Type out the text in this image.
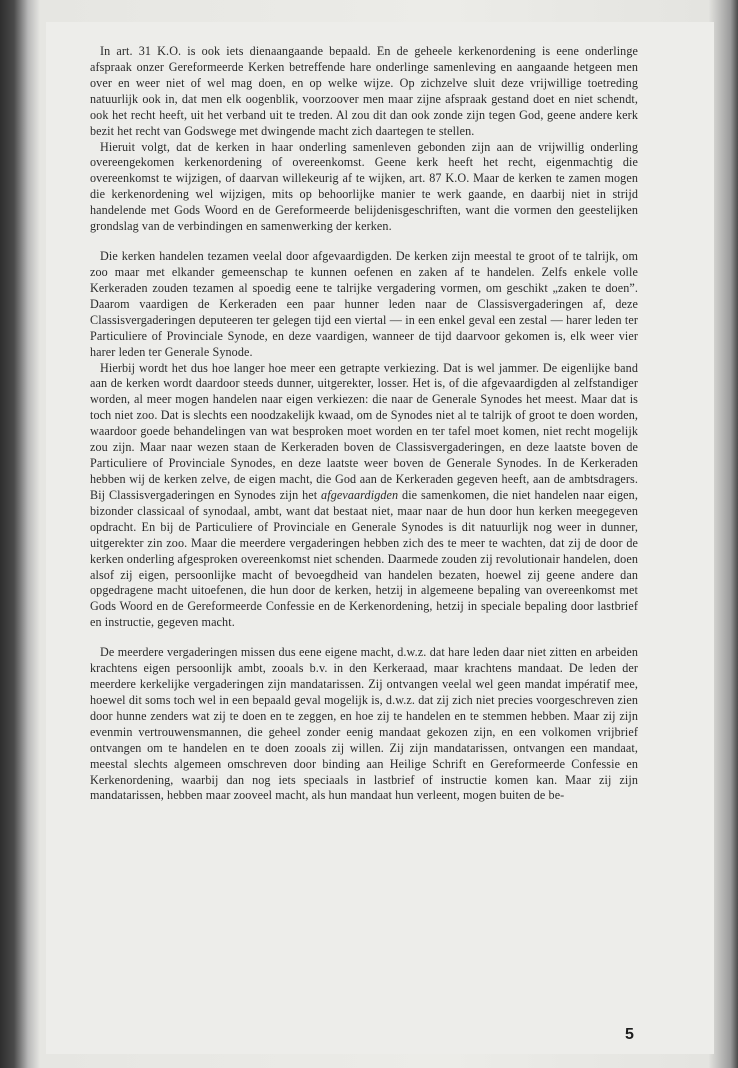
In art. 31 K.O. is ook iets dienaangaande bepaald. En de geheele kerkenordening is eene onderlinge afspraak onzer Gereformeerde Kerken betreffende hare onderlinge samenleving en aangaande hetgeen men over en weer niet of wel mag doen, en op welke wijze. Op zichzelve sluit deze vrijwillige toetreding natuurlijk ook in, dat men elk oogenblik, voorzoover men maar zijne afspraak gestand doet en niet schendt, ook het recht heeft, uit het verband uit te treden. Al zou dit dan ook zonde zijn tegen God, geene andere kerk bezit het recht van Godswege met dwingende macht zich daartegen te stellen.

Hieruit volgt, dat de kerken in haar onderling samenleven gebonden zijn aan de vrijwillig onderling overeengekomen kerkenordening of overeenkomst. Geene kerk heeft het recht, eigenmachtig die overeenkomst te wijzigen, of daarvan willekeurig af te wijken, art. 87 K.O. Maar de kerken te zamen mogen die kerkenordening wel wijzigen, mits op behoorlijke manier te werk gaande, en daarbij niet in strijd handelende met Gods Woord en de Gereformeerde belijdenisgeschriften, want die vormen den geestelijken grondslag van de verbindingen en samenwerking der kerken.

Die kerken handelen tezamen veelal door afgevaardigden. De kerken zijn meestal te groot of te talrijk, om zoo maar met elkander gemeenschap te kunnen oefenen en zaken af te handelen. Zelfs enkele volle Kerkeraden zouden tezamen al spoedig eene te talrijke vergadering vormen, om geschikt „zaken te doen”. Daarom vaardigen de Kerkeraden een paar hunner leden naar de Classisvergaderingen af, deze Classisvergaderingen deputeeren ter gelegen tijd een viertal — in een enkel geval een zestal — harer leden ter Particuliere of Provinciale Synode, en deze vaardigen, wanneer de tijd daarvoor gekomen is, elk weer vier harer leden ter Generale Synode.

Hierbij wordt het dus hoe langer hoe meer een getrapte verkiezing. Dat is wel jammer. De eigenlijke band aan de kerken wordt daardoor steeds dunner, uitgerekter, losser. Het is, of die afgevaardigden al zelfstandiger worden, al meer mogen handelen naar eigen verkiezen: die naar de Generale Synodes het meest. Maar dat is toch niet zoo. Dat is slechts een noodzakelijk kwaad, om de Synodes niet al te talrijk of groot te doen worden, waardoor goede behandelingen van wat besproken moet worden en ter tafel moet komen, niet recht mogelijk zou zijn. Maar naar wezen staan de Kerkeraden boven de Classisvergaderingen, en deze laatste boven de Particuliere of Provinciale Synodes, en deze laatste weer boven de Generale Synodes. In de Kerkeraden hebben wij de kerken zelve, de eigen macht, die God aan de Kerkeraden gegeven heeft, aan de ambtsdragers. Bij Classisvergaderingen en Synodes zijn het afgevaardigden die samenkomen, die niet handelen naar eigen, bizonder classicaal of synodaal, ambt, want dat bestaat niet, maar naar de hun door hun kerken meegegeven opdracht. En bij de Particuliere of Provinciale en Generale Synodes is dit natuurlijk nog weer in dunner, uitgerekter zin zoo. Maar die meerdere vergaderingen hebben zich des te meer te wachten, dat zij de door de kerken onderling afgesproken overeenkomst niet schenden. Daarmede zouden zij revolutionair handelen, doen alsof zij eigen, persoonlijke macht of bevoegdheid van handelen bezaten, hoewel zij geene andere dan opgedragene macht uitoefenen, die hun door de kerken, hetzij in algemeene bepaling van overeenkomst met Gods Woord en de Gereformeerde Confessie en de Kerkenordening, hetzij in speciale bepaling door lastbrief en instructie, gegeven macht.

De meerdere vergaderingen missen dus eene eigene macht, d.w.z. dat hare leden daar niet zitten en arbeiden krachtens eigen persoonlijk ambt, zooals b.v. in den Kerkeraad, maar krachtens mandaat. De leden der meerdere kerkelijke vergaderingen zijn mandatarissen. Zij ontvangen veelal wel geen mandat impératif mee, hoewel dit soms toch wel in een bepaald geval mogelijk is, d.w.z. dat zij zich niet precies voorgeschreven zien door hunne zenders wat zij te doen en te zeggen, en hoe zij te handelen en te stemmen hebben. Maar zij zijn evenmin vertrouwensmannen, die geheel zonder eenig mandaat gekozen zijn, en een volkomen vrijbrief ontvangen om te handelen en te doen zooals zij willen. Zij zijn mandatarissen, ontvangen een mandaat, meestal slechts algemeen omschreven door binding aan Heilige Schrift en Gereformeerde Confessie en Kerkenordening, waarbij dan nog iets speciaals in lastbrief of instructie komen kan. Maar zij zijn mandatarissen, hebben maar zooveel macht, als hun mandaat hun verleent, mogen buiten de be-

5
